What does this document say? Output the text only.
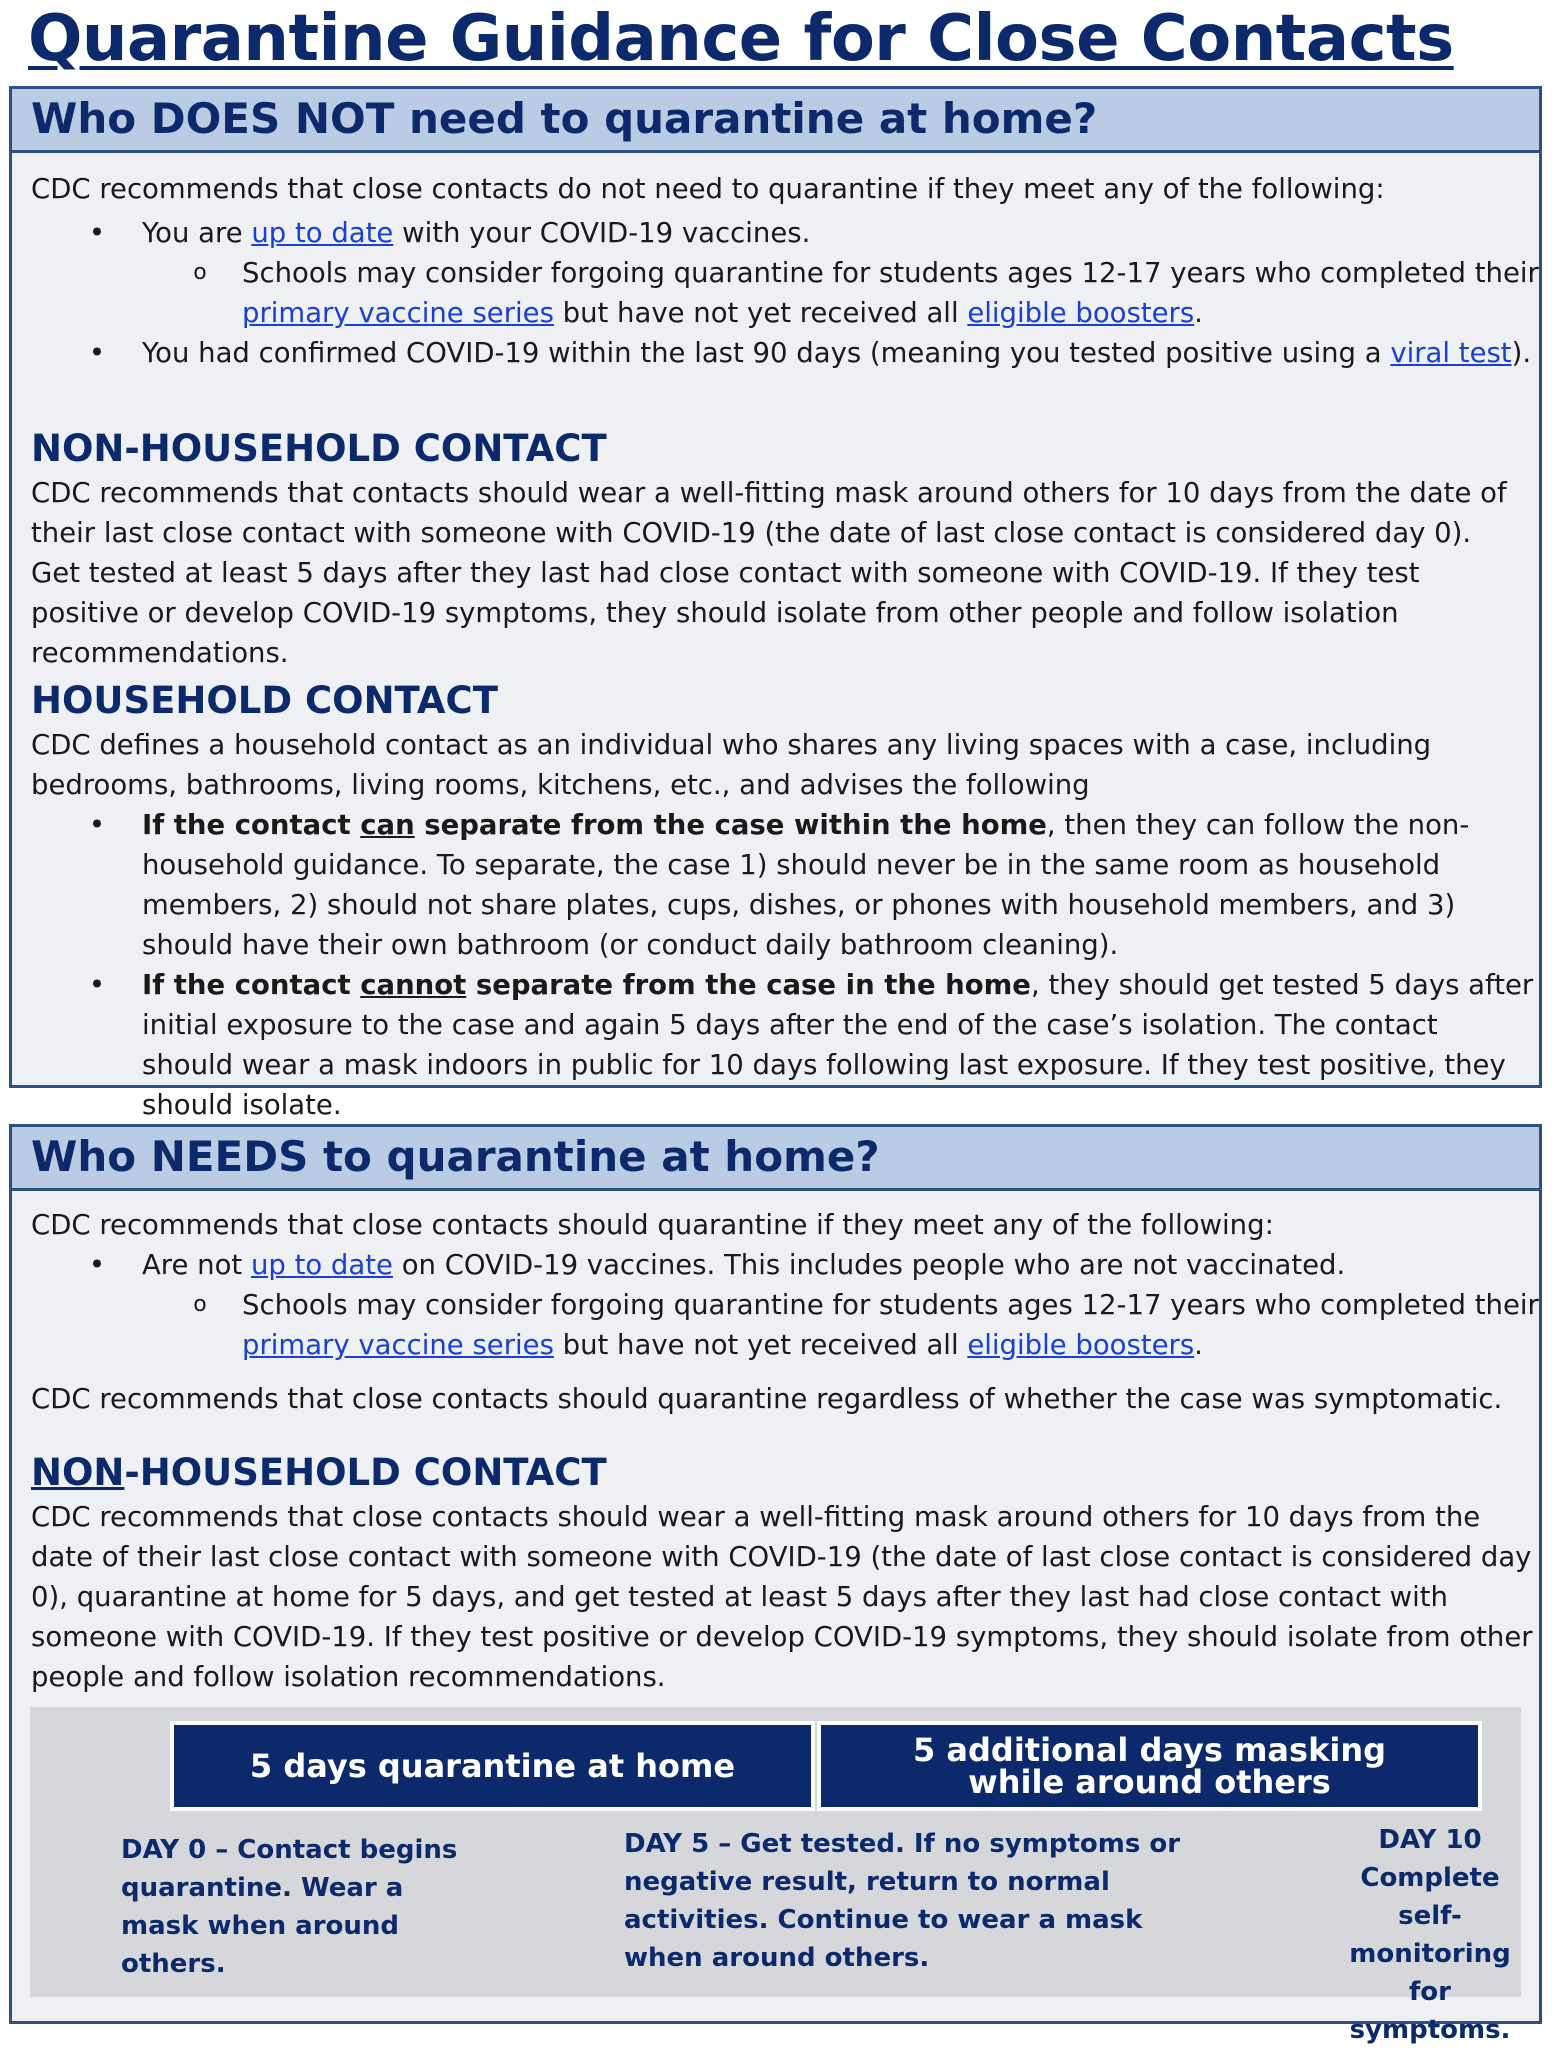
Quarantine Guidance for Close Contacts
Who DOES NOT need to quarantine at home?

CDC recommends that close contacts do not need to quarantine if they meet any of the following:

•	You are up to date with your COVID-19 vaccines.
o	Schools may consider forgoing quarantine for students ages 12-17 years who completed their primary vaccine series but have not yet received all eligible boosters.
•	You had confirmed COVID-19 within the last 90 days (meaning you tested positive using a viral test).
NON-HOUSEHOLD CONTACT

CDC recommends that contacts should wear a well-fitting mask around others for 10 days from the date of their last close contact with someone with COVID-19 (the date of last close contact is considered day 0). Get tested at least 5 days after they last had close contact with someone with COVID-19. If they test positive or develop COVID-19 symptoms, they should isolate from other people and follow isolation recommendations.

HOUSEHOLD CONTACT

CDC defines a household contact as an individual who shares any living spaces with a case, including bedrooms, bathrooms, living rooms, kitchens, etc., and advises the following

•	If the contact can separate from the case within the home, then they can follow the non-household guidance. To separate, the case 1) should never be in the same room as household members, 2) should not share plates, cups, dishes, or phones with household members, and 3) should have their own bathroom (or conduct daily bathroom cleaning).
•	If the contact cannot separate from the case in the home, they should get tested 5 days after initial exposure to the case and again 5 days after the end of the case’s isolation. The contact should wear a mask indoors in public for 10 days following last exposure. If they test positive, they should isolate.
Who NEEDS to quarantine at home?

CDC recommends that close contacts should quarantine if they meet any of the following:

•	Are not up to date on COVID-19 vaccines. This includes people who are not vaccinated.
o	Schools may consider forgoing quarantine for students ages 12-17 years who completed their primary vaccine series but have not yet received all eligible boosters.

CDC recommends that close contacts should quarantine regardless of whether the case was symptomatic.

NON-HOUSEHOLD CONTACT

CDC recommends that close contacts should wear a well-fitting mask around others for 10 days from the date of their last close contact with someone with COVID-19 (the date of last close contact is considered day 0), quarantine at home for 5 days, and get tested at least 5 days after they last had close contact with someone with COVID-19. If they test positive or develop COVID-19 symptoms, they should isolate from other people and follow isolation recommendations.

5 days quarantine at home	5 additional days masking while around others
DAY 0 – Contact begins quarantine. Wear a mask when around others.
DAY 5 – Get tested. If no symptoms or negative result, return to normal activities. Continue to wear a mask when around others.
DAY 10 Complete self-monitoring for symptoms.
